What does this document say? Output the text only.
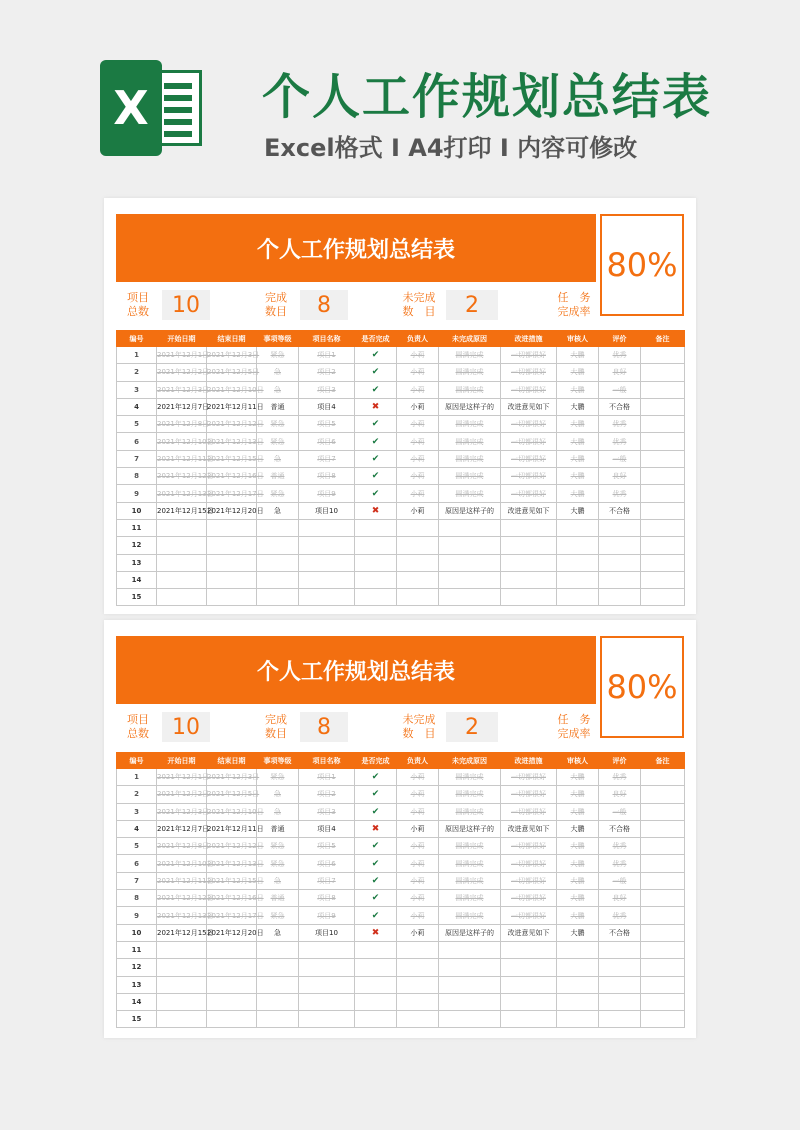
X 个人工作规划总结表
Excel格式 I A4打印 I 内容可修改
个人工作规划总结表	80%
项目
总数	10	完成
数目	8	未完成
数　目	2	任　务
完成率
编号	开始日期	结束日期	事项等级	项目名称	是否完成	负责人	未完成原因	改进措施	审核人	评价	备注
1	2021年12月1日	2021年12月3日	紧急	项目1	✔	小莉	圆满完成	一切都很好	大鹏	优秀	
2	2021年12月2日	2021年12月5日	急	项目2	✔	小莉	圆满完成	一切都很好	大鹏	良好	
3	2021年12月3日	2021年12月10日	急	项目3	✔	小莉	圆满完成	一切都很好	大鹏	一般	
4	2021年12月7日	2021年12月11日	普通	项目4	✖	小莉	原因是这样子的	改进意见如下	大鹏	不合格	
5	2021年12月8日	2021年12月12日	紧急	项目5	✔	小莉	圆满完成	一切都很好	大鹏	优秀	
6	2021年12月10日	2021年12月13日	紧急	项目6	✔	小莉	圆满完成	一切都很好	大鹏	优秀	
7	2021年12月11日	2021年12月15日	急	项目7	✔	小莉	圆满完成	一切都很好	大鹏	一般	
8	2021年12月12日	2021年12月16日	普通	项目8	✔	小莉	圆满完成	一切都很好	大鹏	良好	
9	2021年12月13日	2021年12月17日	紧急	项目9	✔	小莉	圆满完成	一切都很好	大鹏	优秀	
10	2021年12月15日	2021年12月20日	急	项目10	✖	小莉	原因是这样子的	改进意见如下	大鹏	不合格	
11											
12											
13											
14											
15											
个人工作规划总结表	80%
项目
总数	10	完成
数目	8	未完成
数　目	2	任　务
完成率
编号	开始日期	结束日期	事项等级	项目名称	是否完成	负责人	未完成原因	改进措施	审核人	评价	备注
1	2021年12月1日	2021年12月3日	紧急	项目1	✔	小莉	圆满完成	一切都很好	大鹏	优秀	
2	2021年12月2日	2021年12月5日	急	项目2	✔	小莉	圆满完成	一切都很好	大鹏	良好	
3	2021年12月3日	2021年12月10日	急	项目3	✔	小莉	圆满完成	一切都很好	大鹏	一般	
4	2021年12月7日	2021年12月11日	普通	项目4	✖	小莉	原因是这样子的	改进意见如下	大鹏	不合格	
5	2021年12月8日	2021年12月12日	紧急	项目5	✔	小莉	圆满完成	一切都很好	大鹏	优秀	
6	2021年12月10日	2021年12月13日	紧急	项目6	✔	小莉	圆满完成	一切都很好	大鹏	优秀	
7	2021年12月11日	2021年12月15日	急	项目7	✔	小莉	圆满完成	一切都很好	大鹏	一般	
8	2021年12月12日	2021年12月16日	普通	项目8	✔	小莉	圆满完成	一切都很好	大鹏	良好	
9	2021年12月13日	2021年12月17日	紧急	项目9	✔	小莉	圆满完成	一切都很好	大鹏	优秀	
10	2021年12月15日	2021年12月20日	急	项目10	✖	小莉	原因是这样子的	改进意见如下	大鹏	不合格	
11											
12											
13											
14											
15											
